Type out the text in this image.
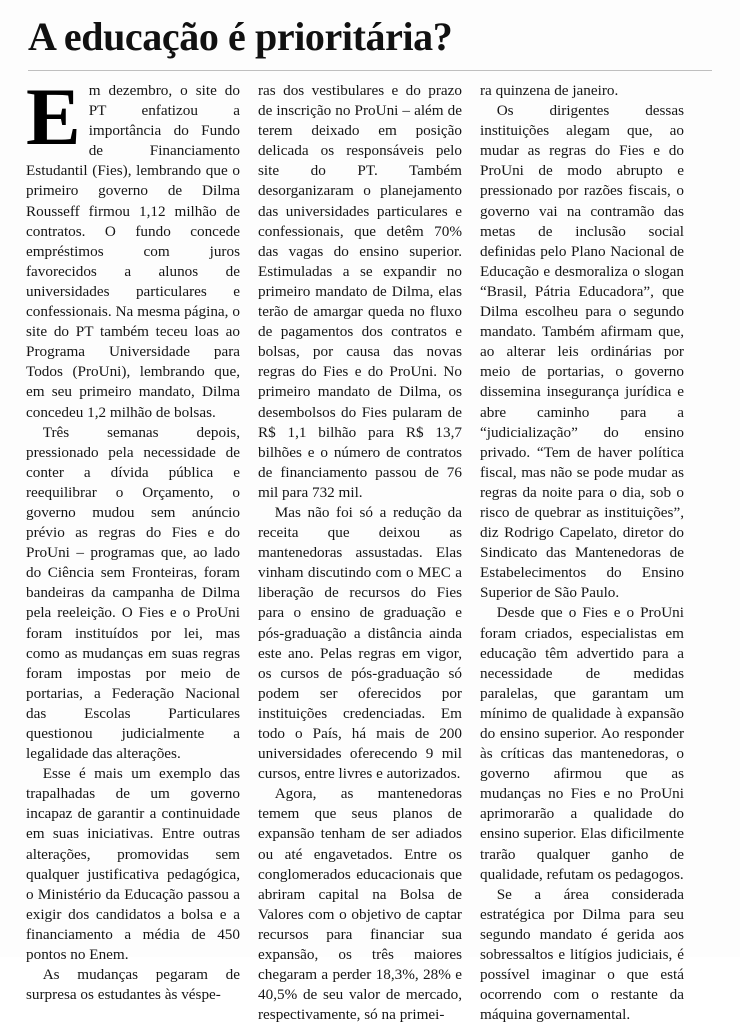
A educação é prioritária?

Em dezembro, o site do PT enfatizou a importância do Fundo de Financiamento Estudantil (Fies), lembrando que o primeiro governo de Dilma Rousseff firmou 1,12 milhão de contratos. O fundo concede empréstimos com juros favorecidos a alunos de universidades particulares e confessionais. Na mesma página, o site do PT também teceu loas ao Programa Universidade para Todos (ProUni), lembrando que, em seu primeiro mandato, Dilma concedeu 1,2 milhão de bolsas.

Três semanas depois, pressionado pela necessidade de conter a dívida pública e reequilibrar o Orçamento, o governo mudou sem anúncio prévio as regras do Fies e do ProUni – programas que, ao lado do Ciência sem Fronteiras, foram bandeiras da campanha de Dilma pela reeleição. O Fies e o ProUni foram instituídos por lei, mas como as mudanças em suas regras foram impostas por meio de portarias, a Federação Nacional das Escolas Particulares questionou judicialmente a legalidade das alterações.

Esse é mais um exemplo das trapalhadas de um governo incapaz de garantir a continuidade em suas iniciativas. Entre outras alterações, promovidas sem qualquer justificativa pedagógica, o Ministério da Educação passou a exigir dos candidatos a bolsa e a financiamento a média de 450 pontos no Enem.

As mudanças pegaram de surpresa os estudantes às véspe-

ras dos vestibulares e do prazo de inscrição no ProUni – além de terem deixado em posição delicada os responsáveis pelo site do PT. Também desorganizaram o planejamento das universidades particulares e confessionais, que detêm 70% das vagas do ensino superior. Estimuladas a se expandir no primeiro mandato de Dilma, elas terão de amargar queda no fluxo de pagamentos dos contratos e bolsas, por causa das novas regras do Fies e do ProUni. No primeiro mandato de Dilma, os desembolsos do Fies pularam de R$ 1,1 bilhão para R$ 13,7 bilhões e o número de contratos de financiamento passou de 76 mil para 732 mil.

Mas não foi só a redução da receita que deixou as mantenedoras assustadas. Elas vinham discutindo com o MEC a liberação de recursos do Fies para o ensino de graduação e pós-graduação a distância ainda este ano. Pelas regras em vigor, os cursos de pós-graduação só podem ser oferecidos por instituições credenciadas. Em todo o País, há mais de 200 universidades oferecendo 9 mil cursos, entre livres e autorizados.

Agora, as mantenedoras temem que seus planos de expansão tenham de ser adiados ou até engavetados. Entre os conglomerados educacionais que abriram capital na Bolsa de Valores com o objetivo de captar recursos para financiar sua expansão, os três maiores chegaram a perder 18,3%, 28% e 40,5% de seu valor de mercado, respectivamente, só na primei-

ra quinzena de janeiro.

Os dirigentes dessas instituições alegam que, ao mudar as regras do Fies e do ProUni de modo abrupto e pressionado por razões fiscais, o governo vai na contramão das metas de inclusão social definidas pelo Plano Nacional de Educação e desmoraliza o slogan “Brasil, Pátria Educadora”, que Dilma escolheu para o segundo mandato. Também afirmam que, ao alterar leis ordinárias por meio de portarias, o governo dissemina insegurança jurídica e abre caminho para a “judicialização” do ensino privado. “Tem de haver política fiscal, mas não se pode mudar as regras da noite para o dia, sob o risco de quebrar as instituições”, diz Rodrigo Capelato, diretor do Sindicato das Mantenedoras de Estabelecimentos do Ensino Superior de São Paulo.

Desde que o Fies e o ProUni foram criados, especialistas em educação têm advertido para a necessidade de medidas paralelas, que garantam um mínimo de qualidade à expansão do ensino superior. Ao responder às críticas das mantenedoras, o governo afirmou que as mudanças no Fies e no ProUni aprimorarão a qualidade do ensino superior. Elas dificilmente trarão qualquer ganho de qualidade, refutam os pedagogos.

Se a área considerada estratégica por Dilma para seu segundo mandato é gerida aos sobressaltos e litígios judiciais, é possível imaginar o que está ocorrendo com o restante da máquina governamental.
